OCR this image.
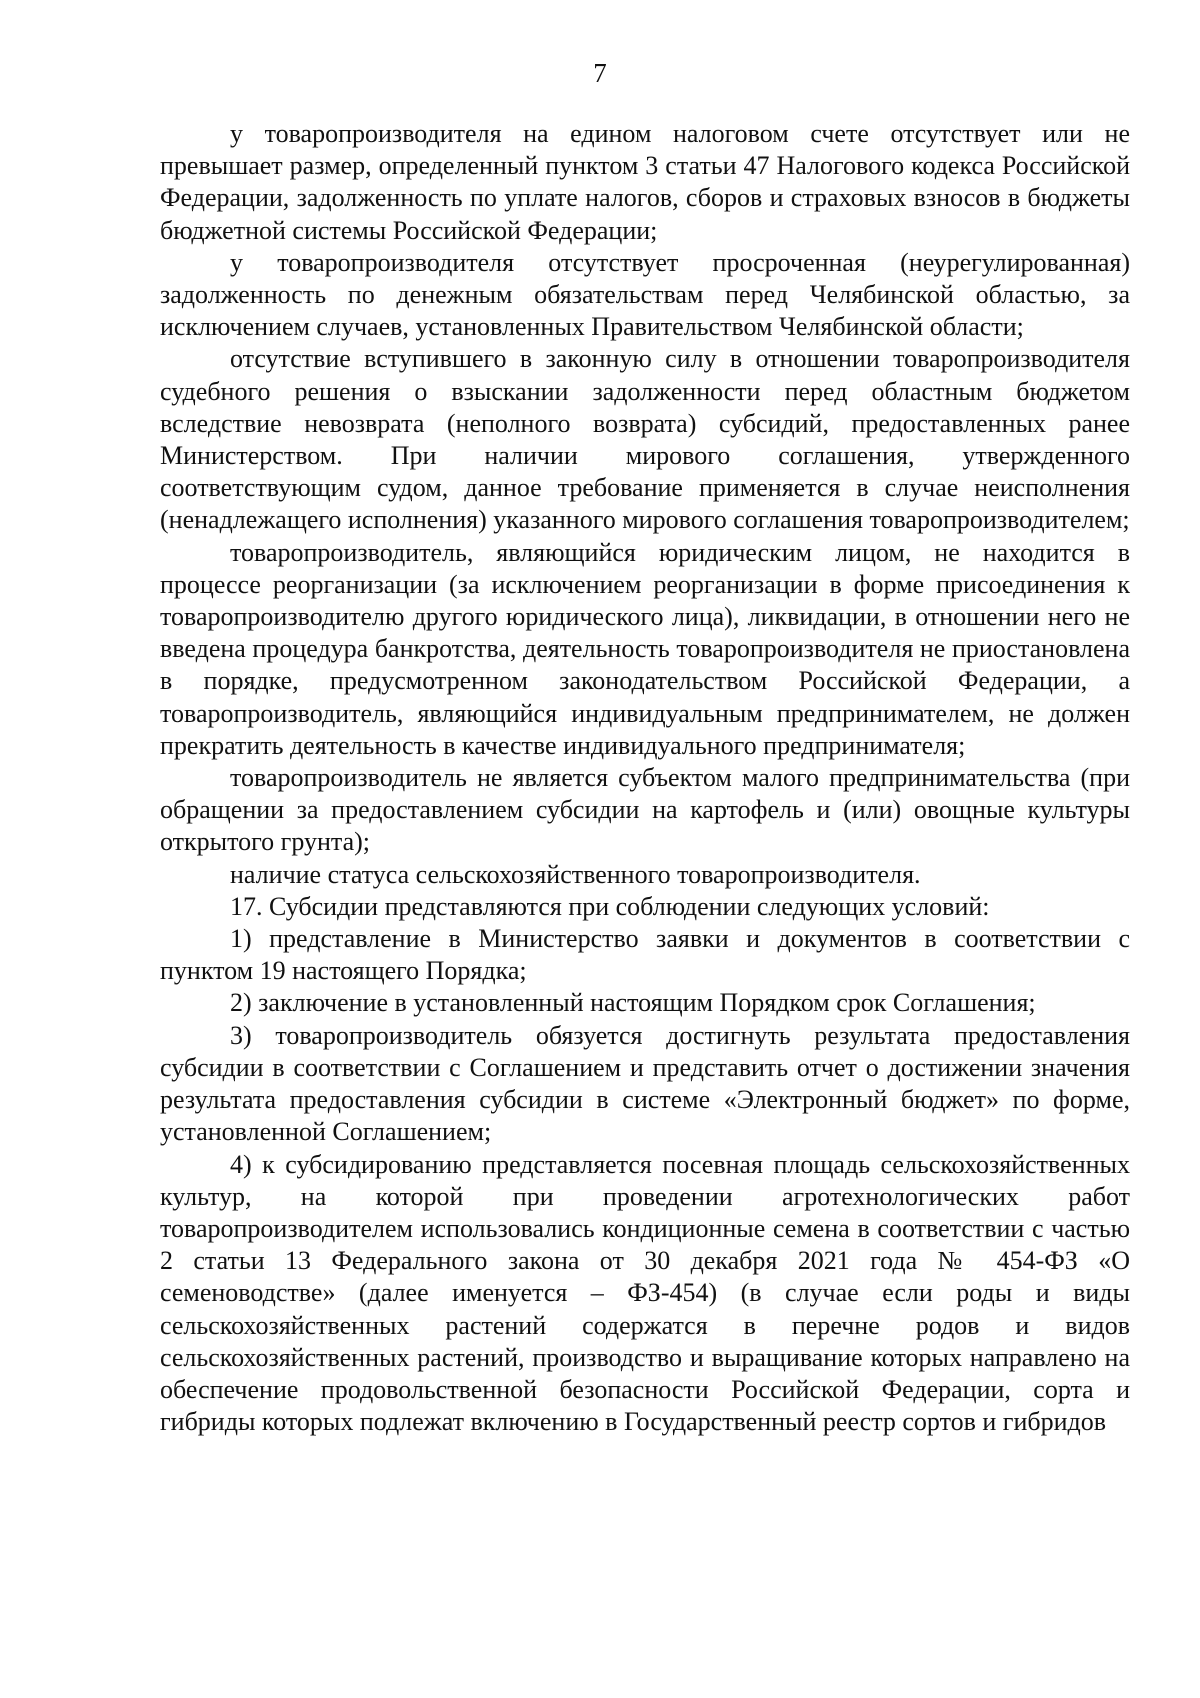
7

у товаропроизводителя на едином налоговом счете отсутствует или не превышает размер, определенный пунктом 3 статьи 47 Налогового кодекса Российской Федерации, задолженность по уплате налогов, сборов и страховых взносов в бюджеты бюджетной системы Российской Федерации;

у товаропроизводителя отсутствует просроченная (неурегулированная) задолженность по денежным обязательствам перед Челябинской областью, за исключением случаев, установленных Правительством Челябинской области;

отсутствие вступившего в законную силу в отношении товаропроизводителя судебного решения о взыскании задолженности перед областным бюджетом вследствие невозврата (неполного возврата) субсидий, предоставленных ранее Министерством. При наличии мирового соглашения, утвержденного соответствующим судом, данное требование применяется в случае неисполнения (ненадлежащего исполнения) указанного мирового соглашения товаропроизводителем;

товаропроизводитель, являющийся юридическим лицом, не находится в процессе реорганизации (за исключением реорганизации в форме присоединения к товаропроизводителю другого юридического лица), ликвидации, в отношении него не введена процедура банкротства, деятельность товаропроизводителя не приостановлена в порядке, предусмотренном законодательством Российской Федерации, а товаропроизводитель, являющийся индивидуальным предпринимателем, не должен прекратить деятельность в качестве индивидуального предпринимателя;

товаропроизводитель не является субъектом малого предпринимательства (при обращении за предоставлением субсидии на картофель и (или) овощные культуры открытого грунта);

наличие статуса сельскохозяйственного товаропроизводителя.

17. Субсидии представляются при соблюдении следующих условий:

1) представление в Министерство заявки и документов в соответствии с пунктом 19 настоящего Порядка;

2) заключение в установленный настоящим Порядком срок Соглашения;

3) товаропроизводитель обязуется достигнуть результата предоставления субсидии в соответствии с Соглашением и представить отчет о достижении значения результата предоставления субсидии в системе «Электронный бюджет» по форме, установленной Соглашением;

4) к субсидированию представляется посевная площадь сельскохозяйственных культур, на которой при проведении агротехнологических работ товаропроизводителем использовались кондиционные семена в соответствии с частью 2 статьи 13 Федерального закона от 30 декабря 2021 года № 454-ФЗ «О семеноводстве» (далее именуется – ФЗ-454) (в случае если роды и виды сельскохозяйственных растений содержатся в перечне родов и видов сельскохозяйственных растений, производство и выращивание которых направлено на обеспечение продовольственной безопасности Российской Федерации, сорта и гибриды которых подлежат включению в Государственный реестр сортов и гибридов
